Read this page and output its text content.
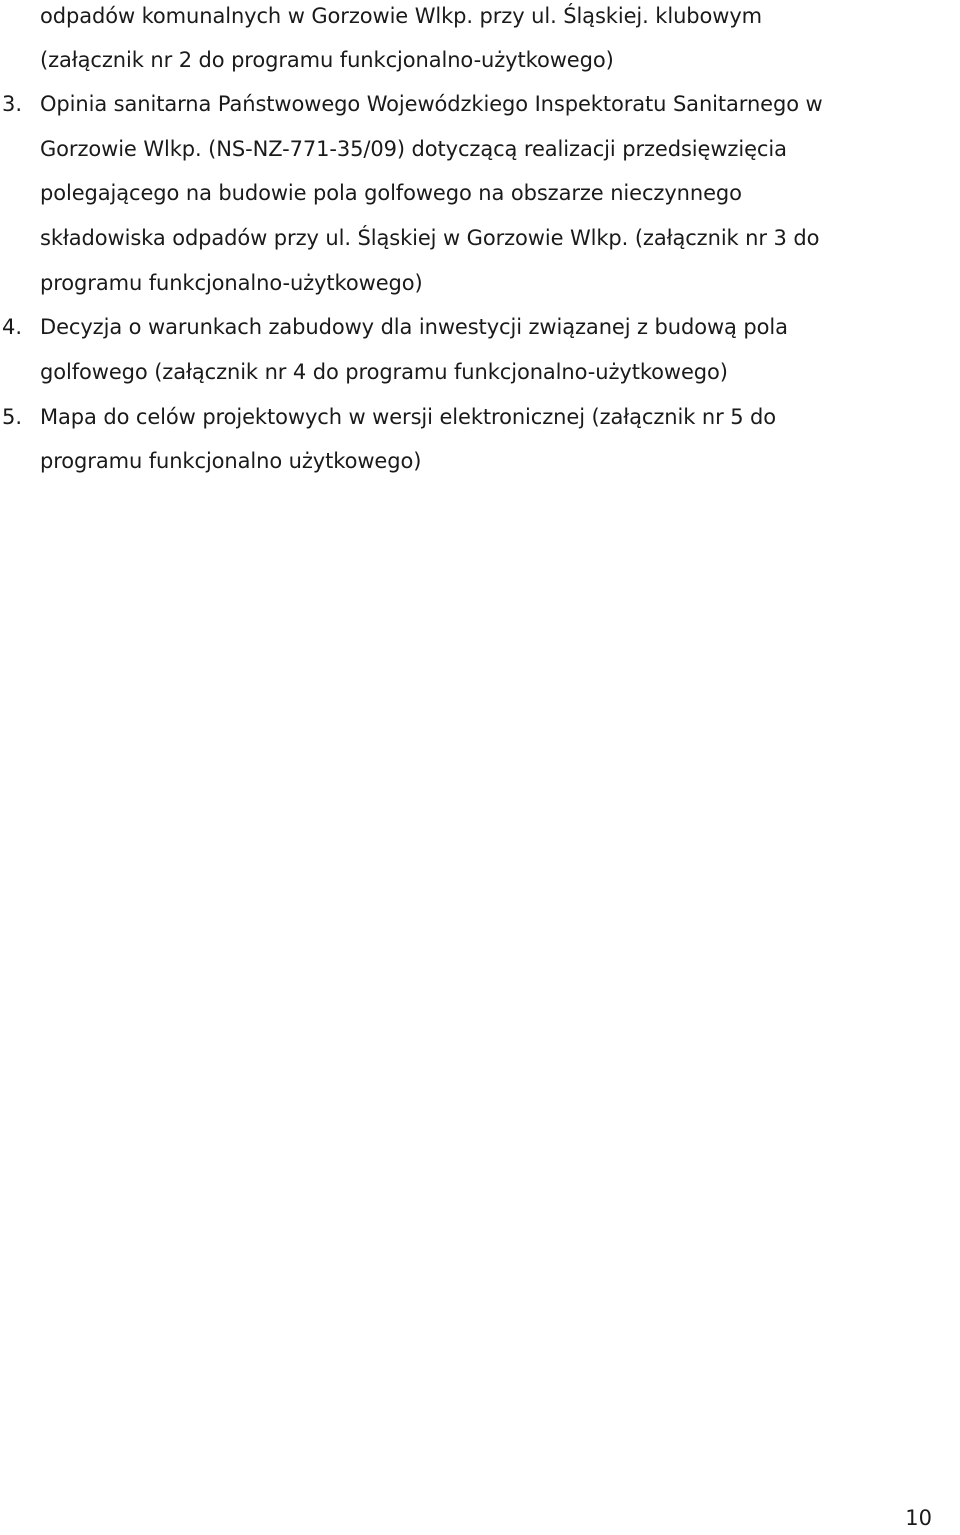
odpadów komunalnych w Gorzowie Wlkp. przy ul. Śląskiej. klubowym
(załącznik nr 2 do programu funkcjonalno-użytkowego)
3. Opinia sanitarna Państwowego Wojewódzkiego Inspektoratu Sanitarnego w
Gorzowie Wlkp. (NS-NZ-771-35/09) dotyczącą realizacji przedsięwzięcia
polegającego na budowie pola golfowego na obszarze nieczynnego
składowiska odpadów przy ul. Śląskiej w Gorzowie Wlkp. (załącznik nr 3 do
programu funkcjonalno-użytkowego)
4. Decyzja o warunkach zabudowy dla inwestycji związanej z budową pola
golfowego (załącznik nr 4 do programu funkcjonalno-użytkowego)
5. Mapa do celów projektowych w wersji elektronicznej (załącznik nr 5 do
programu funkcjonalno użytkowego)
10
